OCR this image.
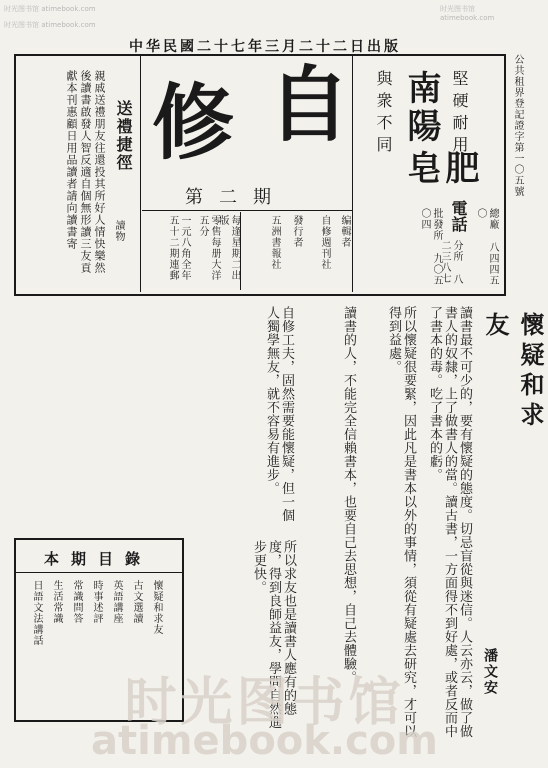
时光图书馆 atimebook.com
时光图书馆 atimebook.com
时光图书馆 atimebook.com
中华民國二十七年三月二十二日出版
公共租界登記證字第一〇五號
送禮捷徑
讀物
親戚送禮朋友往還投其所好人情快樂然後讀書啟發人智反適自個無形讀三友貢獻本刊惠顧日用品讀者請向讀書寄	自
修
第二期
编輯者
自修週刊社
發行者
五洲書報社
每逢星期二出版
零售每册大洋五分
一元八角全年五十二期連郵
南陽
肥皂
堅硬耐用
與衆不同
電話	總廠 八四四五〇
分所 八二三八七
批發所 九〇五〇四
懷疑和求友
潘文安
讀書最不可少的，要有懷疑的態度。切忌盲從與迷信。人云亦云，做了做書人的奴隸，上了做書人的當。讀古書，一方面得不到好處，或者反而中了書本的毒。吃了書本的虧。
所以懷疑很要緊，因此凡是書本以外的事情，須從有疑處去研究，才可以得到益處。
讀書的人，不能完全信賴書本，也要自己去思想，自己去體驗。
自修工夫，固然需要能懷疑，但一個人獨學無友，就不容易有進步。
所以求友也是讀書人應有的態度，得到良師益友，學問自然進步更快。
本期目錄
懷疑和求友
古文選讀
英語講座
時事述評
常識問答
生活常識
日語文法講話
时光图书馆
atimebook.com
